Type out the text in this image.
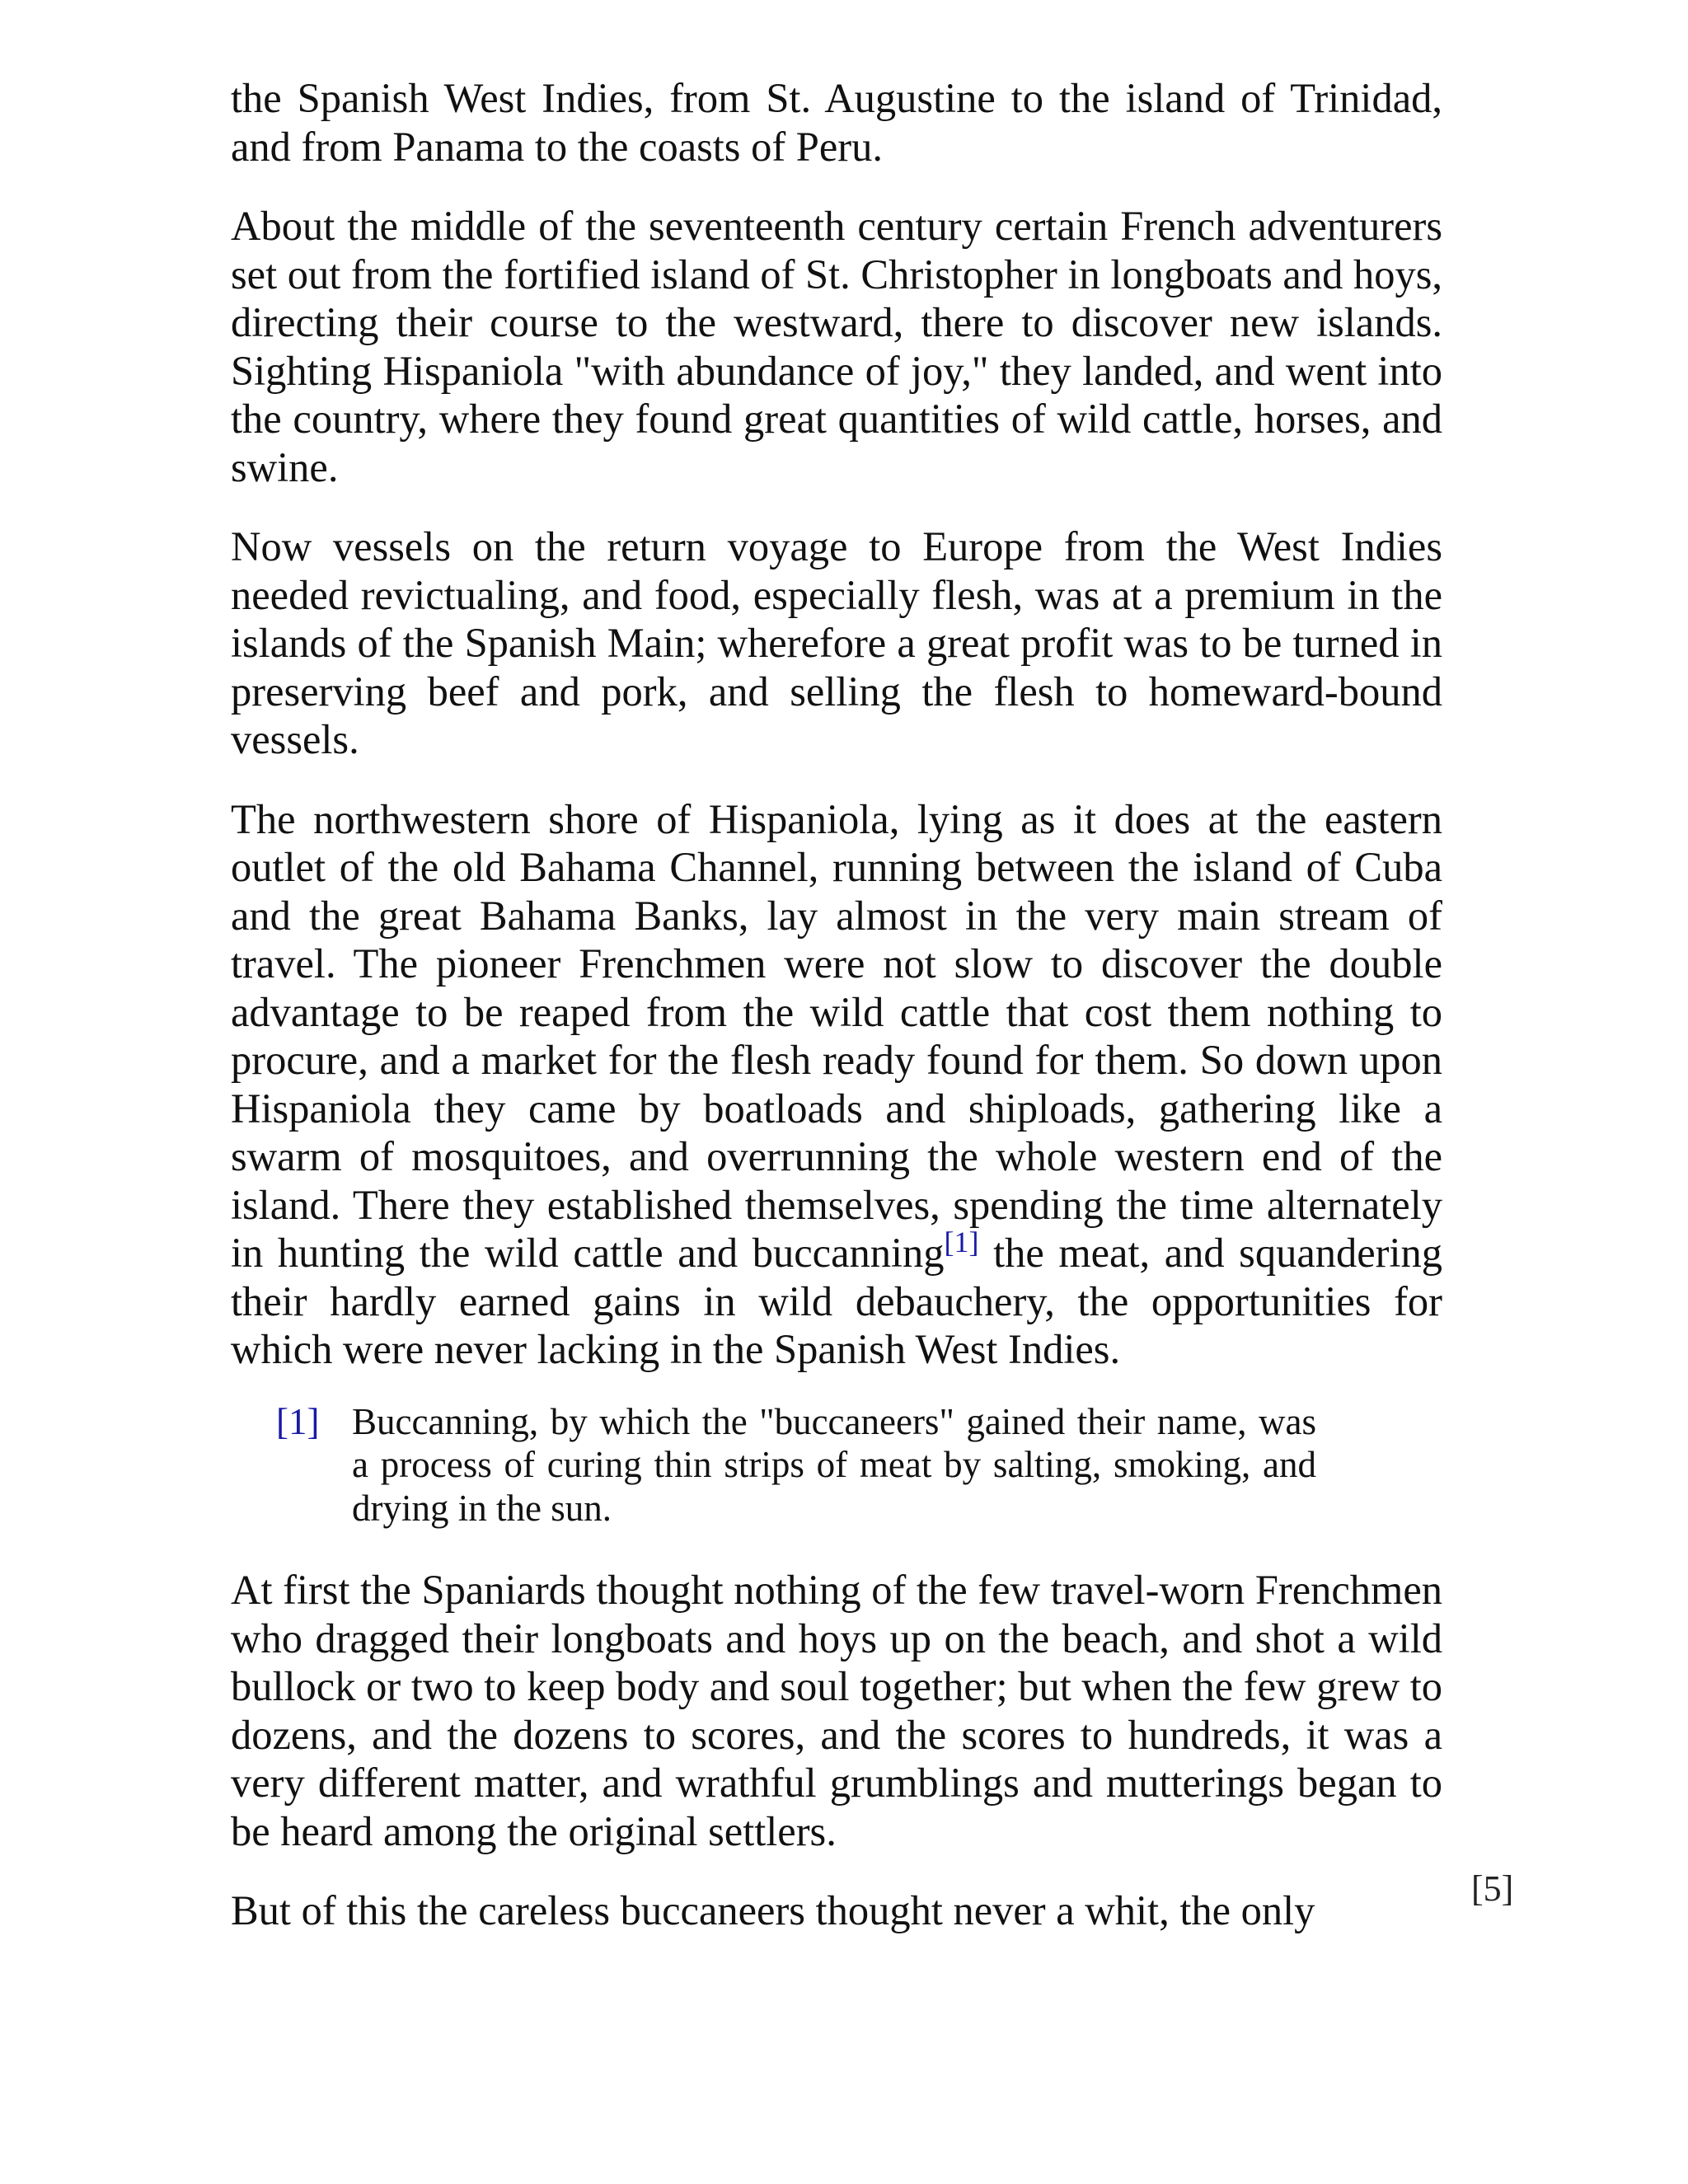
the Spanish West Indies, from St. Augustine to the island of Trinidad, and from Panama to the coasts of Peru.

About the middle of the seventeenth century certain French adventurers set out from the fortified island of St. Christopher in longboats and hoys, directing their course to the westward, there to discover new islands. Sighting Hispaniola "with abundance of joy," they landed, and went into the country, where they found great quantities of wild cattle, horses, and swine.

Now vessels on the return voyage to Europe from the West Indies needed revictualing, and food, especially flesh, was at a premium in the islands of the Spanish Main; wherefore a great profit was to be turned in preserving beef and pork, and selling the flesh to homeward-bound vessels.

The northwestern shore of Hispaniola, lying as it does at the eastern outlet of the old Bahama Channel, running between the island of Cuba and the great Bahama Banks, lay almost in the very main stream of travel. The pioneer Frenchmen were not slow to discover the double advantage to be reaped from the wild cattle that cost them nothing to procure, and a market for the flesh ready found for them. So down upon Hispaniola they came by boatloads and shiploads, gathering like a swarm of mosquitoes, and overrunning the whole western end of the island. There they established themselves, spending the time alternately in hunting the wild cattle and buccanning[1] the meat, and squandering their hardly earned gains in wild debauchery, the opportunities for which were never lacking in the Spanish West Indies.

[1] Buccanning, by which the "buccaneers" gained their name, was a process of curing thin strips of meat by salting, smoking, and drying in the sun.

At first the Spaniards thought nothing of the few travel-worn Frenchmen who dragged their longboats and hoys up on the beach, and shot a wild bullock or two to keep body and soul together; but when the few grew to dozens, and the dozens to scores, and the scores to hundreds, it was a very different matter, and wrathful grumblings and mutterings began to be heard among the original settlers.

But of this the careless buccaneers thought never a whit, the only	[5]
